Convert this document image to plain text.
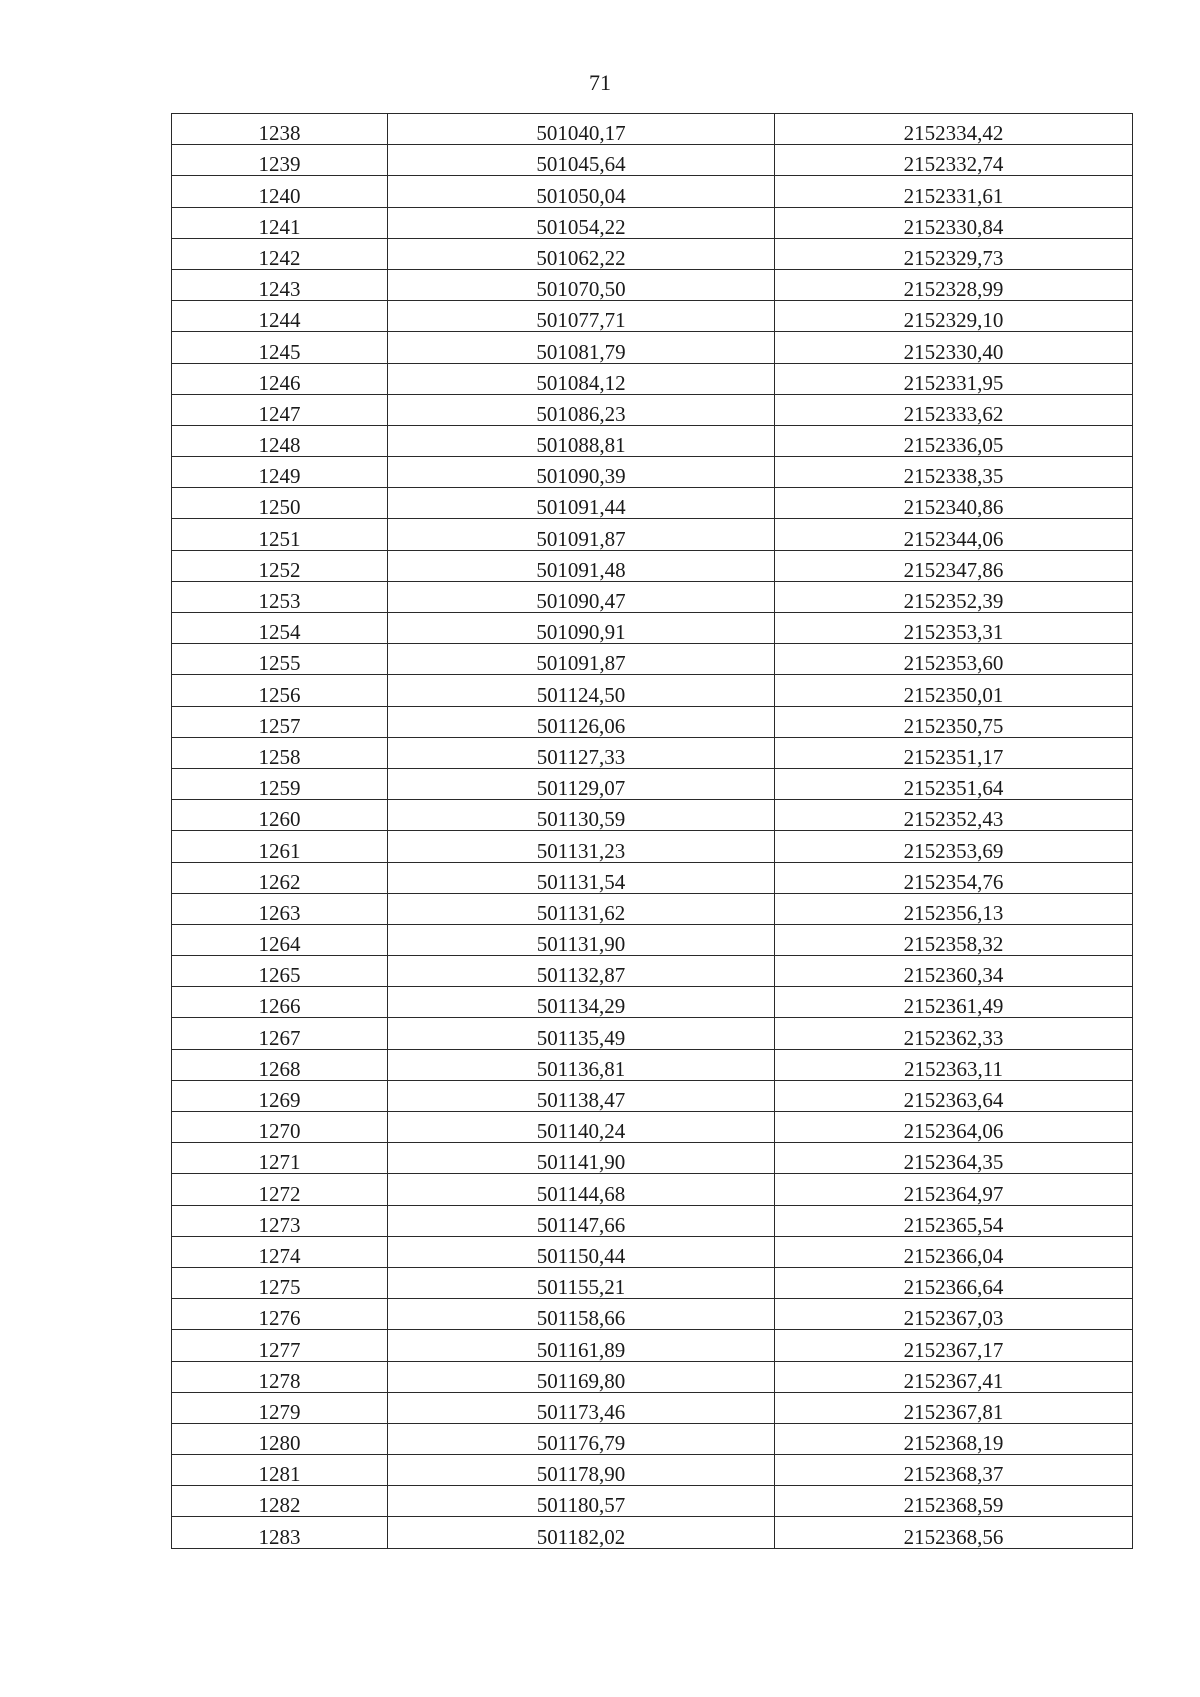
71
1238	501040,17	2152334,42
1239	501045,64	2152332,74
1240	501050,04	2152331,61
1241	501054,22	2152330,84
1242	501062,22	2152329,73
1243	501070,50	2152328,99
1244	501077,71	2152329,10
1245	501081,79	2152330,40
1246	501084,12	2152331,95
1247	501086,23	2152333,62
1248	501088,81	2152336,05
1249	501090,39	2152338,35
1250	501091,44	2152340,86
1251	501091,87	2152344,06
1252	501091,48	2152347,86
1253	501090,47	2152352,39
1254	501090,91	2152353,31
1255	501091,87	2152353,60
1256	501124,50	2152350,01
1257	501126,06	2152350,75
1258	501127,33	2152351,17
1259	501129,07	2152351,64
1260	501130,59	2152352,43
1261	501131,23	2152353,69
1262	501131,54	2152354,76
1263	501131,62	2152356,13
1264	501131,90	2152358,32
1265	501132,87	2152360,34
1266	501134,29	2152361,49
1267	501135,49	2152362,33
1268	501136,81	2152363,11
1269	501138,47	2152363,64
1270	501140,24	2152364,06
1271	501141,90	2152364,35
1272	501144,68	2152364,97
1273	501147,66	2152365,54
1274	501150,44	2152366,04
1275	501155,21	2152366,64
1276	501158,66	2152367,03
1277	501161,89	2152367,17
1278	501169,80	2152367,41
1279	501173,46	2152367,81
1280	501176,79	2152368,19
1281	501178,90	2152368,37
1282	501180,57	2152368,59
1283	501182,02	2152368,56
